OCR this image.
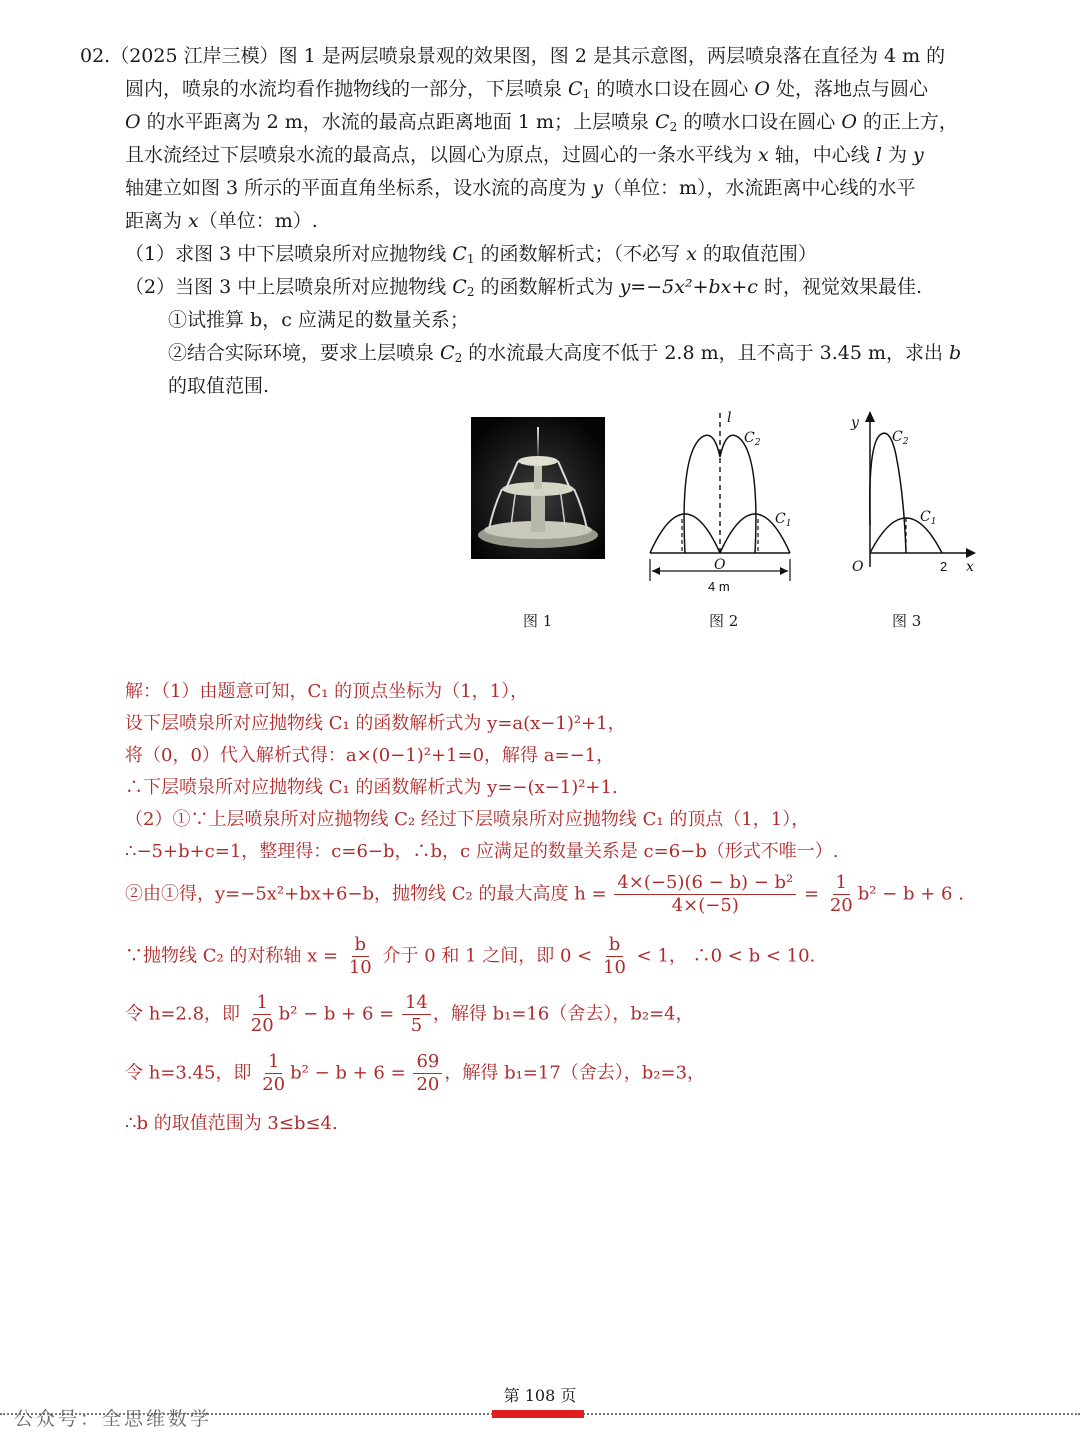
02.（2025 江岸三模）图 1 是两层喷泉景观的效果图，图 2 是其示意图，两层喷泉落在直径为 4 m 的

圆内，喷泉的水流均看作抛物线的一部分，下层喷泉 $C_1$ 的喷水口设在圆心 O 处，落地点与圆心

O 的水平距离为 2 m，水流的最高点距离地面 1 m；上层喷泉 $C_2$ 的喷水口设在圆心 O 的正上方，

且水流经过下层喷泉水流的最高点，以圆心为原点，过圆心的一条水平线为 x 轴，中心线 l 为 y

轴建立如图 3 所示的平面直角坐标系，设水流的高度为 y（单位：m），水流距离中心线的水平

距离为 x（单位：m）.

（1）求图 3 中下层喷泉所对应抛物线 $C_1$ 的函数解析式；（不必写 x 的取值范围）

（2）当图 3 中上层喷泉所对应抛物线 $C_2$ 的函数解析式为 y=−5x²+bx+c 时，视觉效果最佳.

①试推算 b，c 应满足的数量关系；

②结合实际环境，要求上层喷泉 $C_2$ 的水流最大高度不低于 2.8 m，且不高于 3.45 m，求出 b

的取值范围.

l
$C_2$
$C_1$
O
4 m
y
x
O	2
$C_2$
$C_1$
图 1	图 2	图 3
解：（1）由题意可知，C₁ 的顶点坐标为（1，1），
设下层喷泉所对应抛物线 C₁ 的函数解析式为 y=a(x−1)²+1，
将（0，0）代入解析式得：a×(0−1)²+1=0，解得 a=−1，
∴下层喷泉所对应抛物线 C₁ 的函数解析式为 y=−(x−1)²+1.
（2）①∵上层喷泉所对应抛物线 C₂ 经过下层喷泉所对应抛物线 C₁ 的顶点（1，1），
∴−5+b+c=1，整理得：c=6−b，∴b，c 应满足的数量关系是 c=6−b（形式不唯一）.
②由①得，y=−5x²+bx+6−b，抛物线 C₂ 的最大高度 $h = \frac{\text{4×(−5)(6 − b) − b²}}{4\times(-5)} = \frac{1}{20} b^2 - b + 6$ .
∵抛物线 C₂ 的对称轴 $x = \frac{b}{10}$ 介于 0 和 1 之间，即 $0 < \frac{b}{10} < 1$， ∴0 < b < 10.
令 h=2.8，即 $\frac{1}{20} b^2 - b + 6 = \frac{14}{5}$ ，解得 b₁=16（舍去），b₂=4，
令 h=3.45，即 $\frac{1}{20} b^2 - b + 6 = \frac{69}{20}$ ，解得 b₁=17（舍去），b₂=3，
∴b 的取值范围为 3≤b≤4.
第 108 页
公众号：全思维数学
